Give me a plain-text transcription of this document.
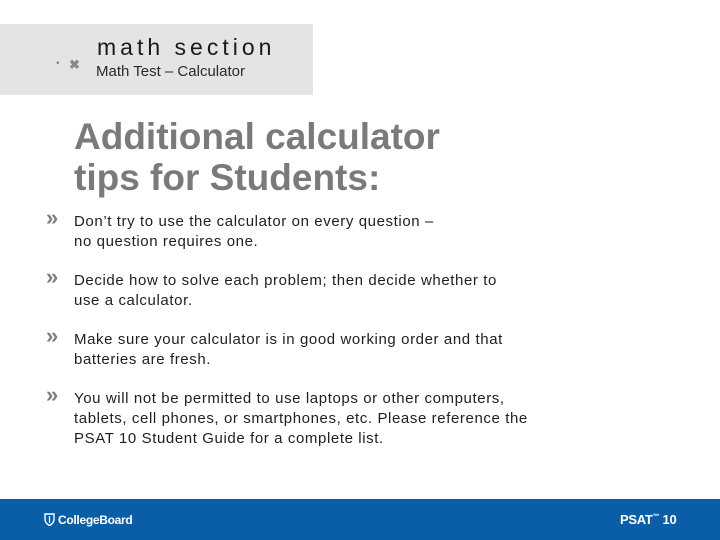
• ✖
math section
Math Test – Calculator
Additional calculator
tips for Students:
» Don’t try to use the calculator on every question –
no question requires one.
» Decide how to solve each problem; then decide whether to
use a calculator.
» Make sure your calculator is in good working order and that
batteries are fresh.
» You will not be permitted to use laptops or other computers,
tablets, cell phones, or smartphones, etc. Please reference the
PSAT 10 Student Guide for a complete list.
CollegeBoard	PSAT™ 10
